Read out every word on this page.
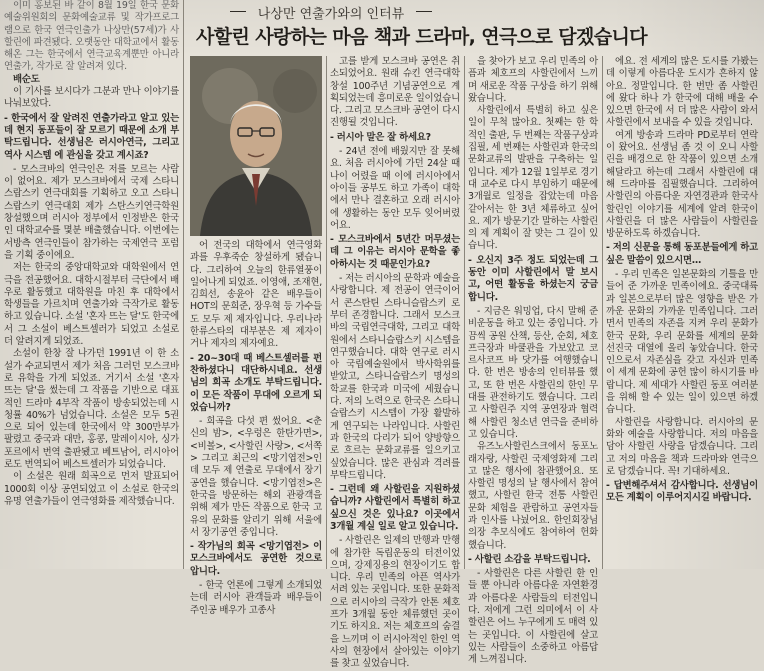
이미 홍보된 바 같이 8월 19일 한국 문화예술위원회의 문화예술교류 및 작가프로그램으로 한국 연극인출가 나상만(57세)가 사할린에 파견됐다. 오랫동안 대학교에서 활동해온 그는 한국에서 연극교육계뿐만 아니라 연출가, 작가로 잘 알려져 있다.

배순도

이 기사를 보시다가 그분과 만나 이야기를 나눠보았다.

- 한국에서 잘 알려진 연출가라고 알고 있는데 현지 동포들이 잘 모르기 때문에 소개 부탁드립니다. 선생님은 러시아연극, 그리고 역사 시스템 에 관심을 갖고 계시죠?

- 모스크바의 연극인은 저를 모르는 사람이 없어요. 제가 모스크바에서 국제 스타니스랍스키 연극대회를 기획하고 오고 스타니스랍스키 연극대회 제가 스탄스키연극학원 창설했으며 러시아 정부에서 인정받은 한국인 대학교수를 몇분 배출했습니다. 이번에는 서방측 연극인들이 참가하는 국제연극 포럼을 기획 중이에요.

저는 한국의 중앙대학교와 대학원에서 연극을 전공했어요. 대학시절부터 극단에서 배우로 활동했고 대학원을 마친 후 대학에서 학생들을 가르치며 연출가와 극작가로 활동하고 있습니다. 소설 '혼자 뜨는 달'도 한국에서 그 소설이 베스트셀러가 되었고 소설로 더 알려지게 되었죠.

소설이 한창 잘 나가던 1991년 이 한 소설가 수교되면서 제가 처음 그러던 모스크바로 유학을 가게 되었죠. 거기서 소설 '혼자 뜨는 달'을 썼는데 그 작품을 기반으로 대표적인 드라마 4부작 작품이 방송되었는데 시청률 40%가 넘었습니다. 소설은 모두 5권으로 되어 있는데 한국에서 약 300만부가 팔렸고 중국과 대만, 홍콩, 말레이시아, 싱가포르에서 번역 출판됐고 베트남어, 러시아어로도 번역되어 베스트셀러가 되었습니다.

이 소설은 원래 희곡으로 먼저 발표되어 1000회 이상 공연되었고 이 소설로 한국의 유명 연출가들이 연극영화를 제작했습니다.

나상만 연출가와의 인터뷰
사할린 사랑하는 마음 책과 드라마, 연극으로 담겠습니다

어 전국의 대학에서 연극영화과를 우후죽순 창설하게 됐습니다. 그리하여 오늘의 한류열풍이 일어나게 되었죠. 이영애, 조재현, 김희선, 송윤아 같은 배우들이 HOT의 문희준, 장우혁 등 가수들도 모두 제 제자입니다. 우리나라 한류스타의 대부분은 제 제자이거나 제자의 제자예요.

- 20~30대 때 베스트셀러를 펀찬하셨다니 대단하시네요. 선생님의 희곡 소개도 부탁드립니다. 이 모든 작품이 무대에 오르게 되었습니까?

- 희곡을 다섯 편 썼어요. <춘신의 밤>, <우렁은 한탄가면>, <비볼>, <사할린 사랑>, <서쪽> 그리고 최근의 <망기엽전>인데 모두 제 연출로 무대에서 장기 공연을 했습니다. <망기엽전>은 한국을 방문하는 해외 관광객을 위해 제가 만든 작품으로 한국 고유의 문화를 알리기 위해 서울에서 장기공연 중입니다.

- 작가님의 희곡 <망기엽전> 이 모스크바에서도 공연한 것으로 압니다.

- 한국 언론에 그렇게 소개되었는데 러시아 관객들과 배우들이 주인공 배우가 고종사

고를 받게 모스크바 공연은 취소되었어요. 원래 슈킨 연극대학 창설 100주년 기념공연으로 계획되었는데 흥미로운 일이었습니다. 그리고 모스크바 공연이 다시 진행될 것입니다.

- 러시아 말은 잘 하세요?

- 24년 전에 배웠지만 잘 못해요. 처음 러시아에 가던 24살 때 나이 어렸을 때 이에 러시아에서 아이들 공부도 하고 가족이 대학에서 만나 결혼하고 오래 러시아에 생활하는 동안 모두 잊어버렸어요.

- 모스크바에서 5년간 머무셨는데 그 이유는 러시아 문학을 좋아하시는 것 때문인가요?

- 저는 러시아의 문학과 예술을 사랑합니다. 제 전공이 연극이어서 콘스탄틴 스타니슬랍스키 로부터 존경합니다. 그래서 모스크바의 국립연극대학, 그리고 대학원에서 스타니슬랍스키 시스템을 연구했습니다. 대학 연구로 러시아 국립예술원에서 박사학위를 받았고, 스타니슬랍스키 명성의 학교를 한국과 미국에 세웠습니다. 저의 노력으로 한국은 스타니슬랍스키 시스템이 가장 활발하게 연구되는 나라입니다. 사할린과 한국의 다리가 되어 양방향으로 흐르는 문화교류를 일으키고 싶었습니다. 많은 관심과 격려를 부탁드립니다.

- 그런데 왜 사할린을 지원하셨습니까? 사할린에서 특별히 하고 싶으신 것은 있나요? 이곳에서 3개월 계실 일로 알고 있습니다.

- 사할린은 일제의 만행과 만행에 참가한 독립운동의 터전이었으며, 강제징용의 현장이기도 합니다. 우리 민족의 아픈 역사가 서려 있는 곳입니다. 또한 문화적으로 러시아의 극작가 안톤 체호프가 3개월 동안 체류했던 곳이기도 하지요. 저는 체호프의 숨결을 느끼며 이 러시아적인 한인 역사의 현장에서 살아있는 이야기를 찾고 싶었습니다.

을 찾아가 보고 우리 민족의 아픔과 체호프의 사할린에서 느끼며 새로운 작품 구상을 하기 위해 왔습니다.

사할린에서 특별히 하고 싶은 일이 무척 많아요. 첫째는 한 학적인 출판, 두 번째는 작품구상과 집필, 세 번째는 사할린과 한국의 문화교류의 발판을 구축하는 일입니다. 제가 12월 1일부로 경기대 교수로 다시 부임하기 때문에 3개월로 일정을 잡았는데 마음 같아서는 한 3년 체류하고 싶어요. 제가 방문기간 말하는 사할린의 제 계획이 잘 맞는 그 길이 있습니다.

- 오신지 3주 정도 되었는데 그동안 이미 사할린에서 말 보시고, 어떤 활동을 하셨는지 궁금합니다.

- 지금은 워밍업, 다시 말해 준비운동을 하고 있는 중입니다. 가끔씩 공원 산책, 등산, 순회, 체호프극장과 바쿨관을 가보았고 코르사코프 바 닷가를 여행했습니다. 한 번은 방송의 인터뷰를 했고, 또 한 번은 사할린의 한인 무대를 관전하기도 했습니다. 그리고 사할린주 지역 공연장과 협력해 사할린 청소년 연극을 준비하고 있습니다.

유즈노사할린스크에서 동포노래자랑, 사할린 국제영화제 그리고 많은 행사에 참관했어요. 또 사할린 명성의 날 행사에서 참여했고, 사할린 한국 전통 사할린 문화 체험을 관람하고 공연자들과 인사를 나눴어요. 한인회장님 의장 추모식에도 참여하여 헌화했습니다.

- 사할린 소감을 부탁드립니다.

- 사할린은 다른 사할린 한 인들 뿐 아니라 아름다운 자연환경과 아름다운 사람들의 터전입니다. 저에게 그런 의미에서 이 사할린은 어느 누구에게 도 매력 있는 곳입니다. 이 사할린에 살고 있는 사람들이 소중하고 아름답게 느껴집니다.

에요. 전 세계의 많은 도시를 가봤는데 이렇게 아름다운 도시가 흔하지 않아요. 정말입니다. 한 번만 좀 사할린에 왔다 하나 가 한국에 대해 배울 수 있으면 한국에 서 더 많은 사람이 와서 사할린에서 보내을 수 있을 것입니다.

여게 방송과 드라마 PD로부터 연락이 왔어요. 선생님 좀 것 이 오니 사할린을 배경으로 한 작품이 있으면 소개해달라고 하는데 그래서 사할린에 대해 드라마를 집필했습니다. 그리하여 사할린의 아름다운 자연경관과 한국사할린인 이야기를 세계에 알려 한국이 사할린을 더 많은 사람들이 사할린을 방문하도록 하겠습니다.

- 저의 신문을 통해 동포분들에게 하고 싶은 말씀이 있으시면…

- 우리 민족은 일본문화의 기틀을 만들어 준 가까운 민족이에요. 중국대륙과 일본으로부터 많은 영향을 받은 가까운 문화의 가까운 민족입니다. 그러면서 민족의 자존을 지켜 우리 문화가 한국 문화, 우리 문화를 세계의 문화 선진국 대열에 올리 놓았습니다. 한국인으로서 자존심을 갖고 자신과 민족이 세계 문화에 공헌 많이 하시기를 바랍니다. 제 세대가 사할린 동포 여러분을 위해 할 수 있는 일이 있으면 하겠습니다.

사할린을 사랑합니다. 러시아의 문화와 예술을 사랑합니다. 저의 마음을 담아 사할린 사랑을 담겠습니다. 그리고 저의 마음을 책과 드라마와 연극으로 담겠습니다. 꼭! 기대하세요.

- 답변해주셔서 감사합니다. 선생님이 모든 계획이 이루어지시길 바랍니다.
